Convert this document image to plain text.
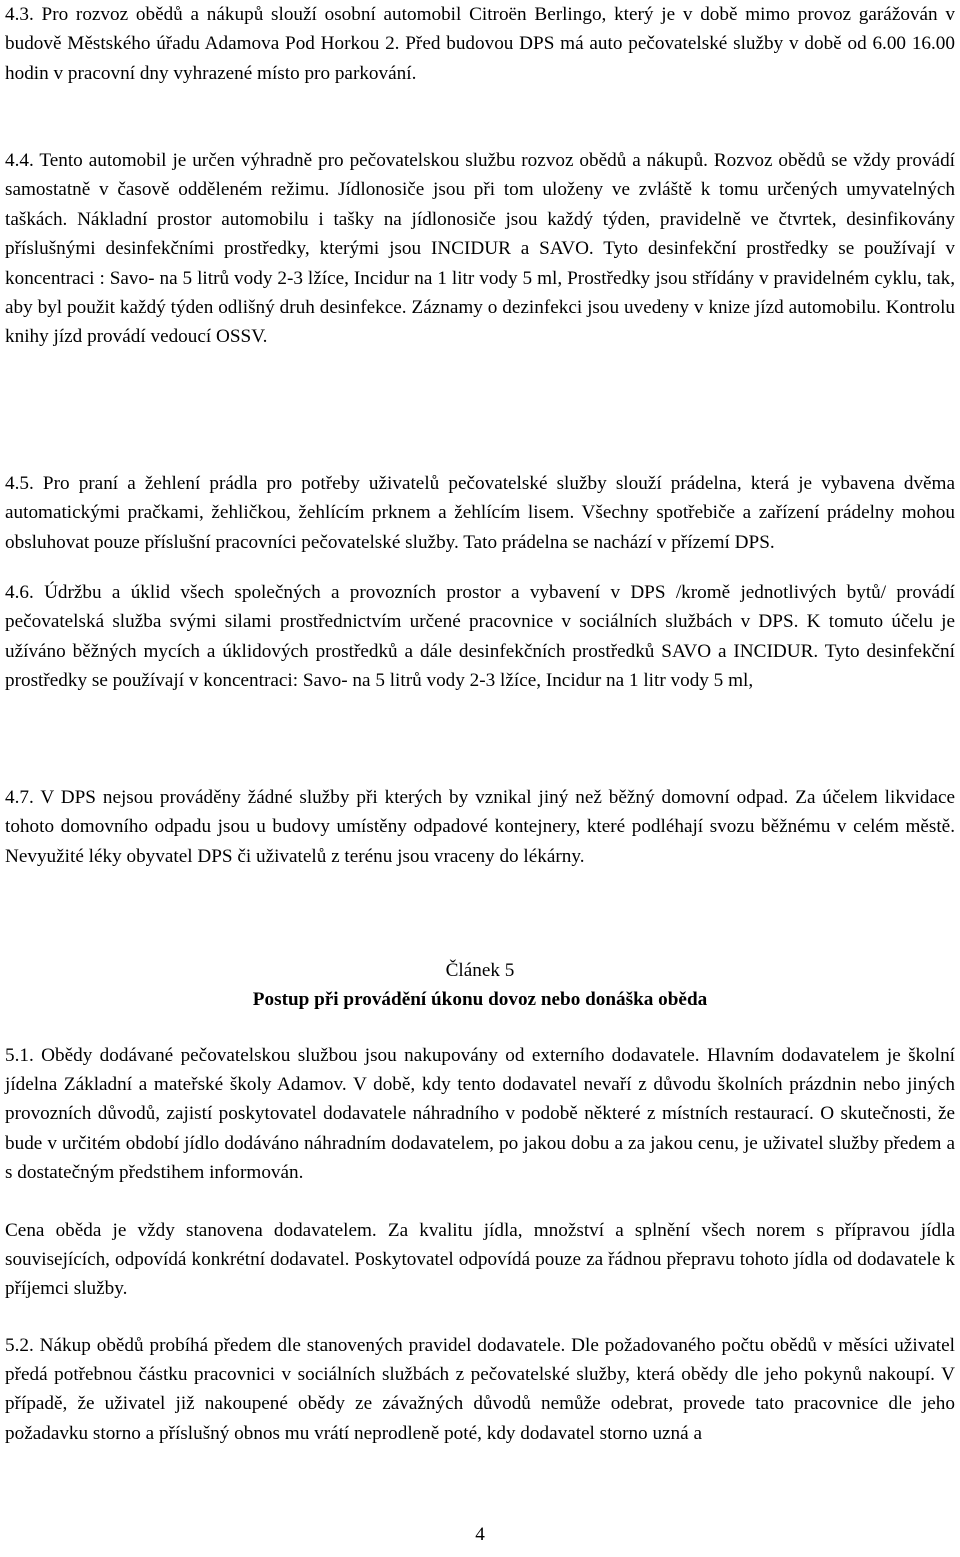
4.3. Pro rozvoz obědů a nákupů slouží osobní automobil Citroën Berlingo, který je v době mimo provoz garážován v budově Městského úřadu Adamova Pod Horkou 2. Před budovou DPS má auto pečovatelské služby v době od 6.00 16.00 hodin v pracovní dny vyhrazené místo pro parkování.

4.4. Tento automobil je určen výhradně pro pečovatelskou službu rozvoz obědů a nákupů. Rozvoz obědů se vždy provádí samostatně v časově odděleném režimu. Jídlonosiče jsou při tom uloženy ve zvláště k tomu určených umyvatelných taškách. Nákladní prostor automobilu i tašky na jídlonosiče jsou každý týden, pravidelně ve čtvrtek, desinfikovány příslušnými desinfekčními prostředky, kterými jsou INCIDUR a SAVO. Tyto desinfekční prostředky se používají v koncentraci : Savo- na 5 litrů vody 2-3 lžíce, Incidur na 1 litr vody 5 ml, Prostředky jsou střídány v pravidelném cyklu, tak, aby byl použit každý týden odlišný druh desinfekce. Záznamy o dezinfekci jsou uvedeny v knize jízd automobilu. Kontrolu knihy jízd provádí vedoucí OSSV.

4.5. Pro praní a žehlení prádla pro potřeby uživatelů pečovatelské služby slouží prádelna, která je vybavena dvěma automatickými pračkami, žehličkou, žehlícím prknem a žehlícím lisem. Všechny spotřebiče a zařízení prádelny mohou obsluhovat pouze příslušní pracovníci pečovatelské služby. Tato prádelna se nachází v přízemí DPS.

4.6. Údržbu a úklid všech společných a provozních prostor a vybavení v DPS /kromě jednotlivých bytů/ provádí pečovatelská služba svými silami prostřednictvím určené pracovnice v sociálních službách v DPS. K tomuto účelu je užíváno běžných mycích a úklidových prostředků a dále desinfekčních prostředků SAVO a INCIDUR. Tyto desinfekční prostředky se používají v koncentraci: Savo- na 5 litrů vody 2-3 lžíce, Incidur na 1 litr vody 5 ml,

4.7. V DPS nejsou prováděny žádné služby při kterých by vznikal jiný než běžný domovní odpad. Za účelem likvidace tohoto domovního odpadu jsou u budovy umístěny odpadové kontejnery, které podléhají svozu běžnému v celém městě. Nevyužité léky obyvatel DPS či uživatelů z terénu jsou vraceny do lékárny.

Článek 5

Postup při provádění úkonu dovoz nebo donáška oběda

5.1. Obědy dodávané pečovatelskou službou jsou nakupovány od externího dodavatele. Hlavním dodavatelem je školní jídelna Základní a mateřské školy Adamov. V době, kdy tento dodavatel nevaří z důvodu školních prázdnin nebo jiných provozních důvodů, zajistí poskytovatel dodavatele náhradního v podobě některé z místních restaurací. O skutečnosti, že bude v určitém období jídlo dodáváno náhradním dodavatelem, po jakou dobu a za jakou cenu, je uživatel služby předem a s dostatečným předstihem informován.

Cena oběda je vždy stanovena dodavatelem. Za kvalitu jídla, množství a splnění všech norem s přípravou jídla souvisejících, odpovídá konkrétní dodavatel. Poskytovatel odpovídá pouze za řádnou přepravu tohoto jídla od dodavatele k příjemci služby.

5.2. Nákup obědů probíhá předem dle stanovených pravidel dodavatele. Dle požadovaného počtu obědů v měsíci uživatel předá potřebnou částku pracovnici v sociálních službách z pečovatelské služby, která obědy dle jeho pokynů nakoupí. V případě, že uživatel již nakoupené obědy ze závažných důvodů nemůže odebrat, provede tato pracovnice dle jeho požadavku storno a příslušný obnos mu vrátí neprodleně poté, kdy dodavatel storno uzná a

4
